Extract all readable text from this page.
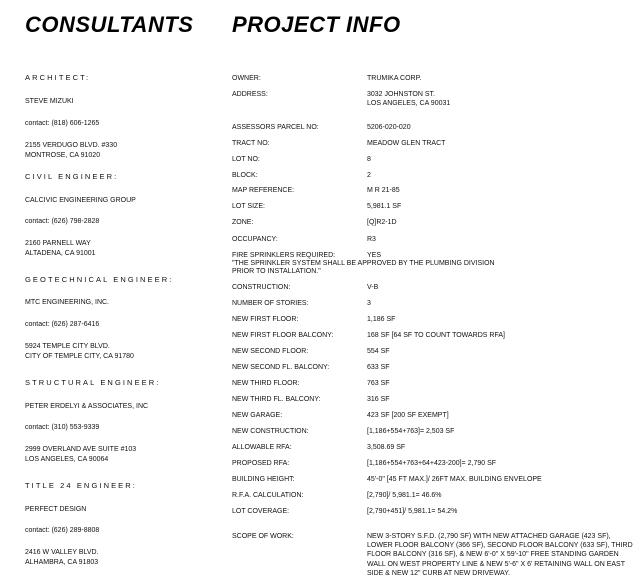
CONSULTANTS PROJECT INFO
ARCHITECT:
STEVE MIZUKI
contact: (818) 606-1265
2155 VERDUGO BLVD. #330
MONTROSE, CA 91020
CIVIL ENGINEER:
CALCIVIC ENGINEERING GROUP
contact: (626) 798-2828
2160 PARNELL WAY
ALTADENA, CA 91001
GEOTECHNICAL ENGINEER:
MTC ENGINEERING, INC.
contact: (626) 287-6416
5924 TEMPLE CITY BLVD.
CITY OF TEMPLE CITY, CA 91780
STRUCTURAL ENGINEER:
PETER ERDELYI & ASSOCIATES, INC
contact: (310) 553-9339
2999 OVERLAND AVE SUITE #103
LOS ANGELES, CA 90064
TITLE 24 ENGINEER:
PERFECT DESIGN
contact: (626) 289-8808
2416 W VALLEY BLVD.
ALHAMBRA, CA 91803
OWNER:	TRUMIKA CORP.
ADDRESS:	3032 JOHNSTON ST.
LOS ANGELES, CA 90031
ASSESSORS PARCEL NO:	5206-020-020
TRACT NO:	MEADOW GLEN TRACT
LOT NO:	8
BLOCK:	2
MAP REFERENCE:	M R 21-85
LOT SIZE:	5,981.1 SF
ZONE:	[Q]R2-1D
OCCUPANCY:	R3
FIRE SPRINKLERS REQUIRED:	YES
"THE SPRINKLER SYSTEM SHALL BE APPROVED BY THE PLUMBING DIVISION
PRIOR TO INSTALLATION."
CONSTRUCTION:	V-B
NUMBER OF STORIES:	3
NEW FIRST FLOOR:	1,186 SF
NEW FIRST FLOOR BALCONY:	168 SF [64 SF TO COUNT TOWARDS RFA]
NEW SECOND FLOOR:	554 SF
NEW SECOND FL. BALCONY:	633 SF
NEW THIRD FLOOR:	763 SF
NEW THIRD FL. BALCONY:	316 SF
NEW GARAGE:	423 SF [200 SF EXEMPT]
NEW CONSTRUCTION:	[1,186+554+763]= 2,503 SF
ALLOWABLE RFA:	3,508.69 SF
PROPOSED RFA:	[1,186+554+763+64+423-200]= 2,790 SF
BUILDING HEIGHT:	45'-0" [45 FT MAX.]/ 26FT MAX. BUILDING ENVELOPE
R.F.A. CALCULATION:	[2,790]/ 5,981.1= 46.6%
LOT COVERAGE:	[2,790+451]/ 5,981.1= 54.2%
SCOPE OF WORK:	NEW 3-STORY S.F.D. (2,790 SF) WITH NEW ATTACHED GARAGE (423 SF), LOWER FLOOR BALCONY (366 SF), SECOND FLOOR BALCONY (633 SF), THIRD FLOOR BALCONY (316 SF), & NEW 6'-0" X 59'-10" FREE STANDING GARDEN WALL ON WEST PROPERTY LINE & NEW 5'-6" X 6' RETAINING WALL ON EAST SIDE & NEW 12" CURB AT NEW DRIVEWAY.
